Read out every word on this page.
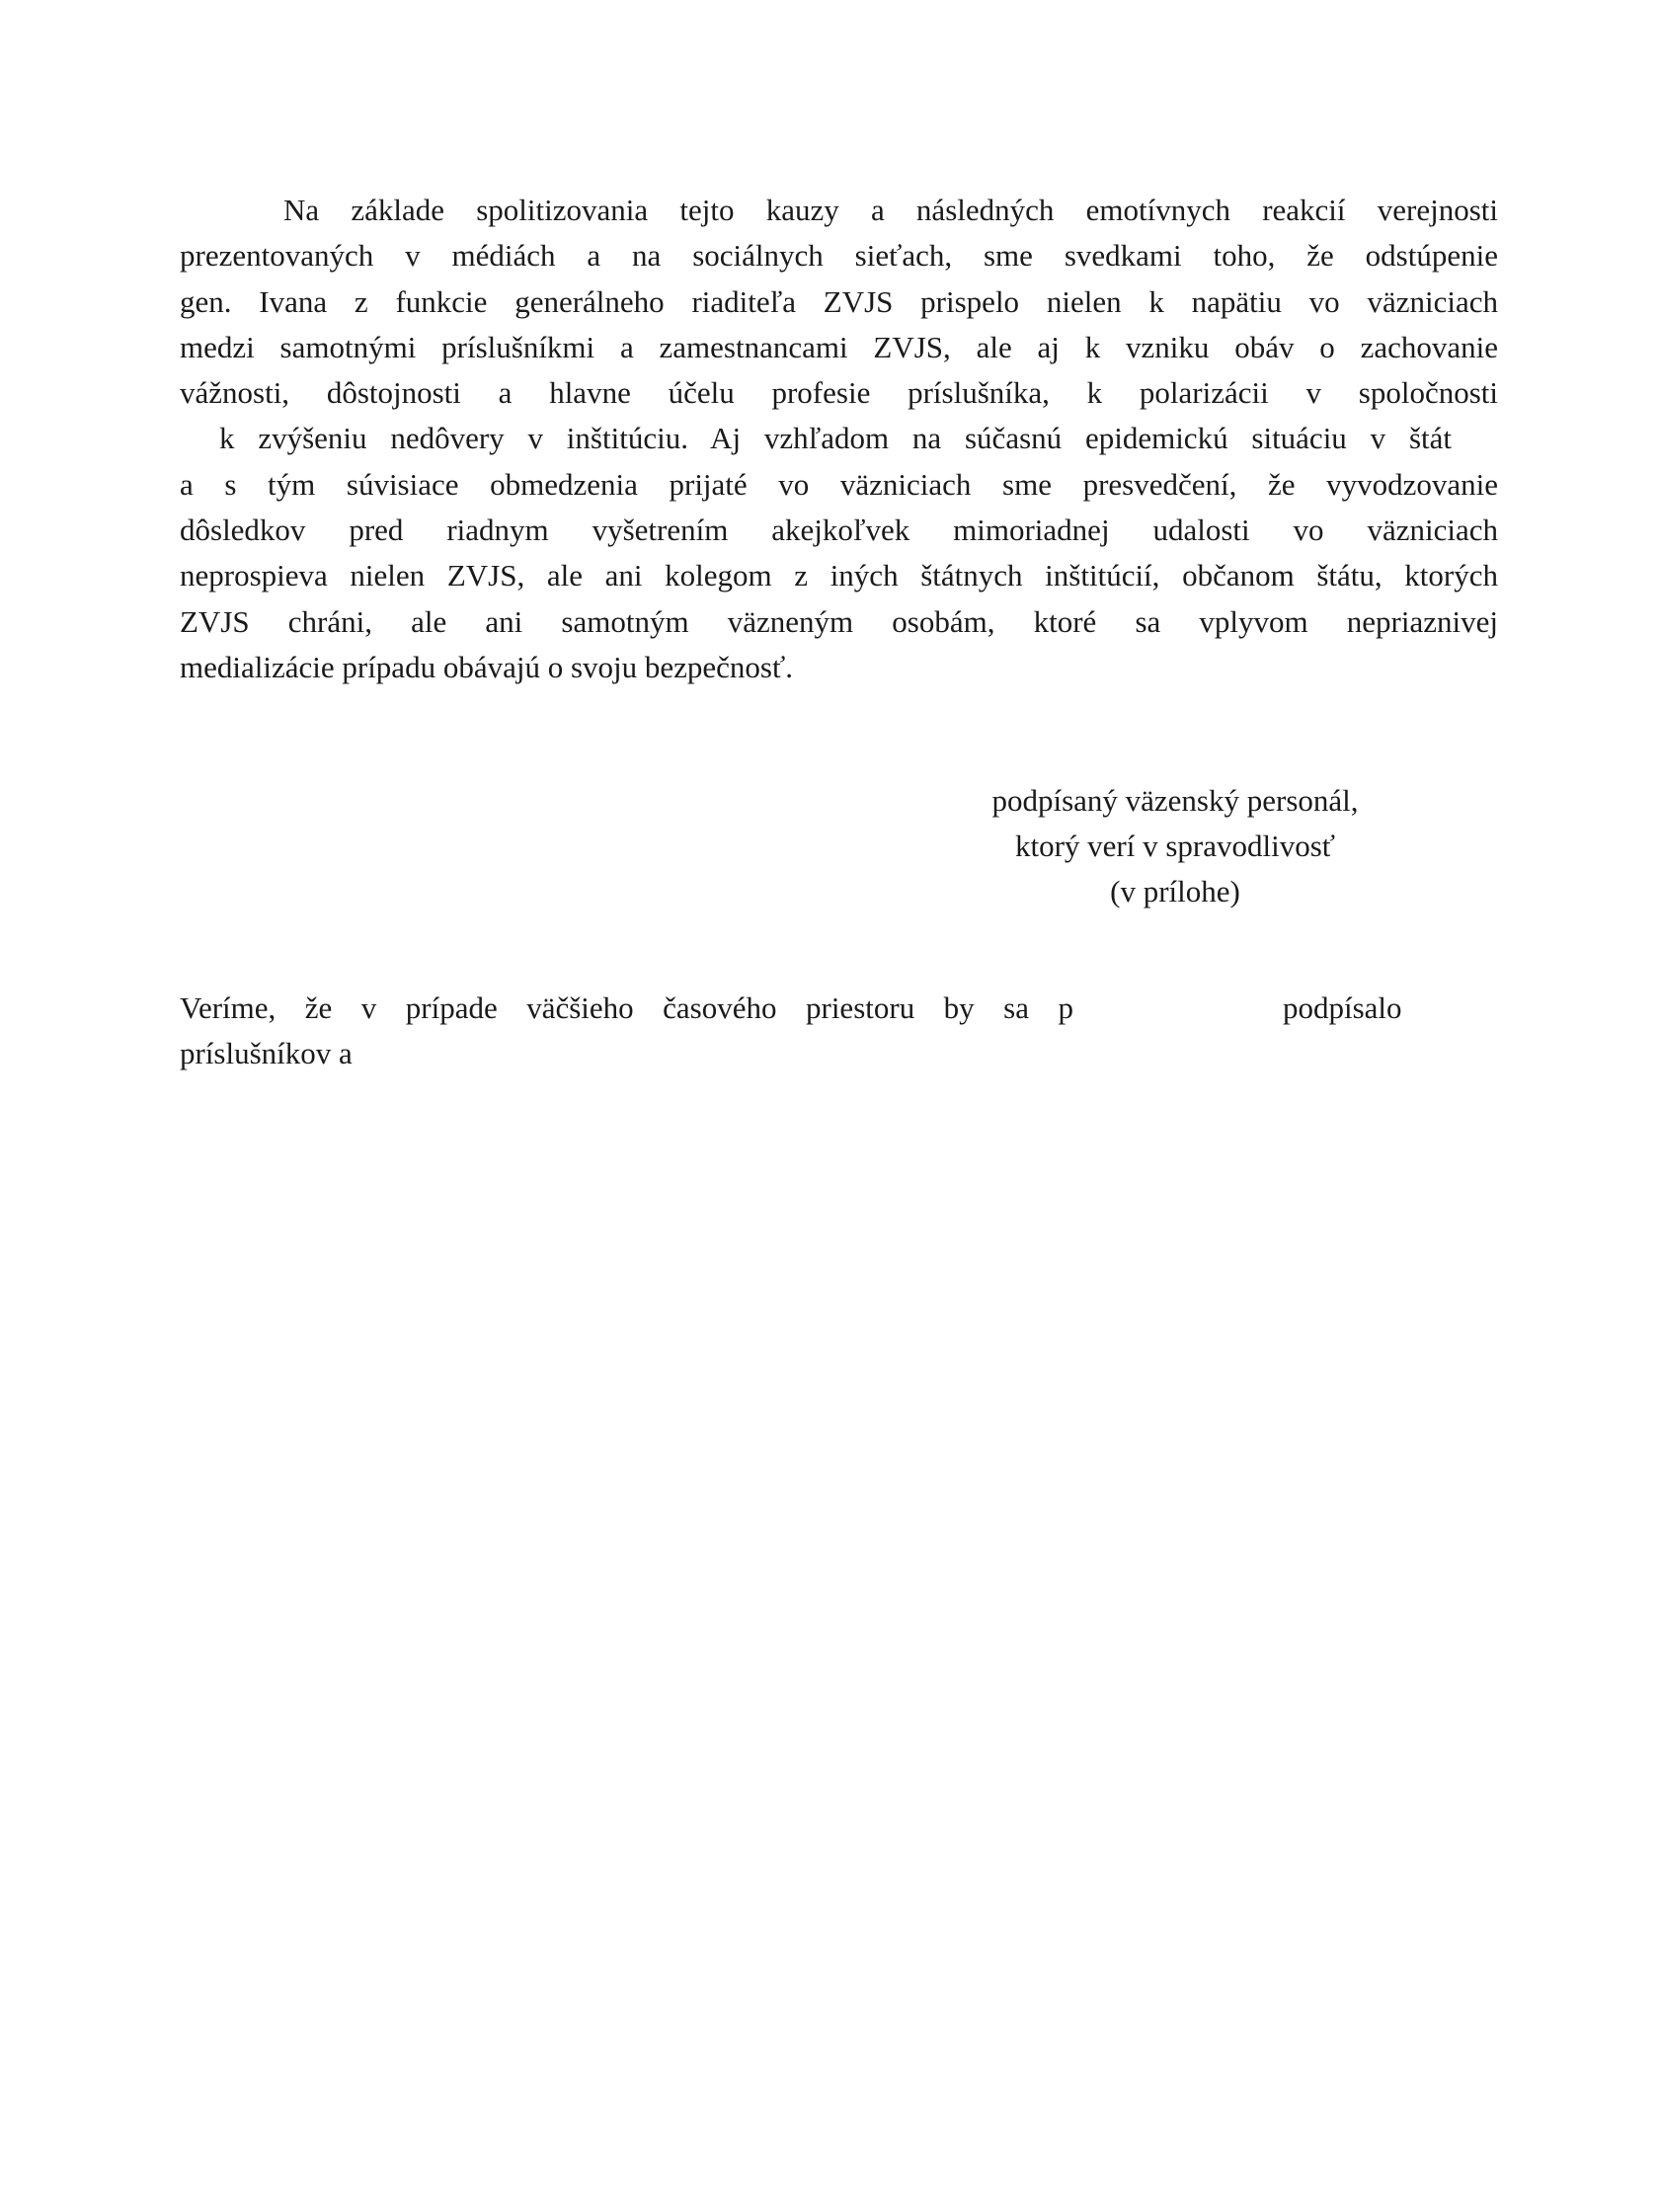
Na základe spolitizovania tejto kauzy a následných emotívnych reakcií verejnosti
prezentovaných v médiách a na sociálnych sieťach, sme svedkami toho, že odstúpenie
gen. Ivana z funkcie generálneho riaditeľa ZVJS prispelo nielen k napätiu vo väzniciach
medzi samotnými príslušníkmi a zamestnancami ZVJS, ale aj k vzniku obáv o zachovanie
vážnosti, dôstojnosti a hlavne účelu profesie príslušníka, k polarizácii v spoločnosti
k zvýšeniu nedôvery v inštitúciu. Aj vzhľadom na súčasnú epidemickú situáciu v štát
a s tým súvisiace obmedzenia prijaté vo väzniciach sme presvedčení, že vyvodzovanie
dôsledkov pred riadnym vyšetrením akejkoľvek mimoriadnej udalosti vo väzniciach
neprospieva nielen ZVJS, ale ani kolegom z iných štátnych inštitúcií, občanom štátu, ktorých
ZVJS chráni, ale ani samotným väzneným osobám, ktoré sa vplyvom nepriaznivej
medializácie prípadu obávajú o svoju bezpečnosť.
podpísaný väzenský personál,
ktorý verí v spravodlivosť
(v prílohe)
Veríme, že v prípade väčšieho časového priestoru by sa p	podpísalo
príslušníkov a
